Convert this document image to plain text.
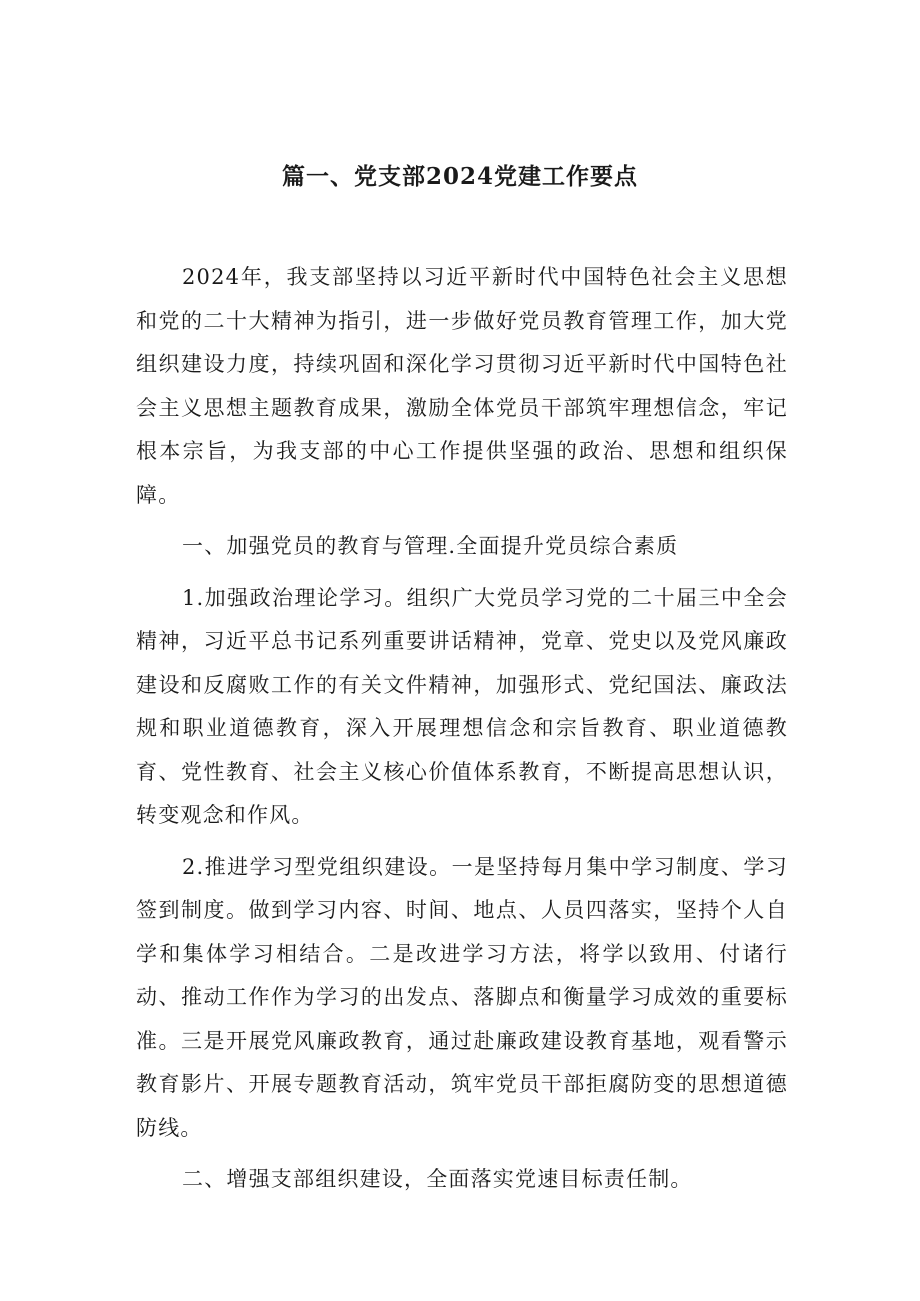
篇一、党支部2024党建工作要点

2024年，我支部坚持以习近平新时代中国特色社会主义思想和党的二十大精神为指引，进一步做好党员教育管理工作，加大党组织建设力度，持续巩固和深化学习贯彻习近平新时代中国特色社会主义思想主题教育成果，激励全体党员干部筑牢理想信念，牢记根本宗旨，为我支部的中心工作提供坚强的政治、思想和组织保障。

一、加强党员的教育与管理.全面提升党员综合素质

1.加强政治理论学习。组织广大党员学习党的二十届三中全会精神，习近平总书记系列重要讲话精神，党章、党史以及党风廉政建设和反腐败工作的有关文件精神，加强形式、党纪国法、廉政法规和职业道德教育，深入开展理想信念和宗旨教育、职业道德教育、党性教育、社会主义核心价值体系教育，不断提高思想认识，转变观念和作风。

2.推进学习型党组织建设。一是坚持每月集中学习制度、学习签到制度。做到学习内容、时间、地点、人员四落实，坚持个人自学和集体学习相结合。二是改进学习方法，将学以致用、付诸行动、推动工作作为学习的出发点、落脚点和衡量学习成效的重要标准。三是开展党风廉政教育，通过赴廉政建设教育基地，观看警示教育影片、开展专题教育活动，筑牢党员干部拒腐防变的思想道德防线。

二、增强支部组织建设，全面落实党速目标责任制。
